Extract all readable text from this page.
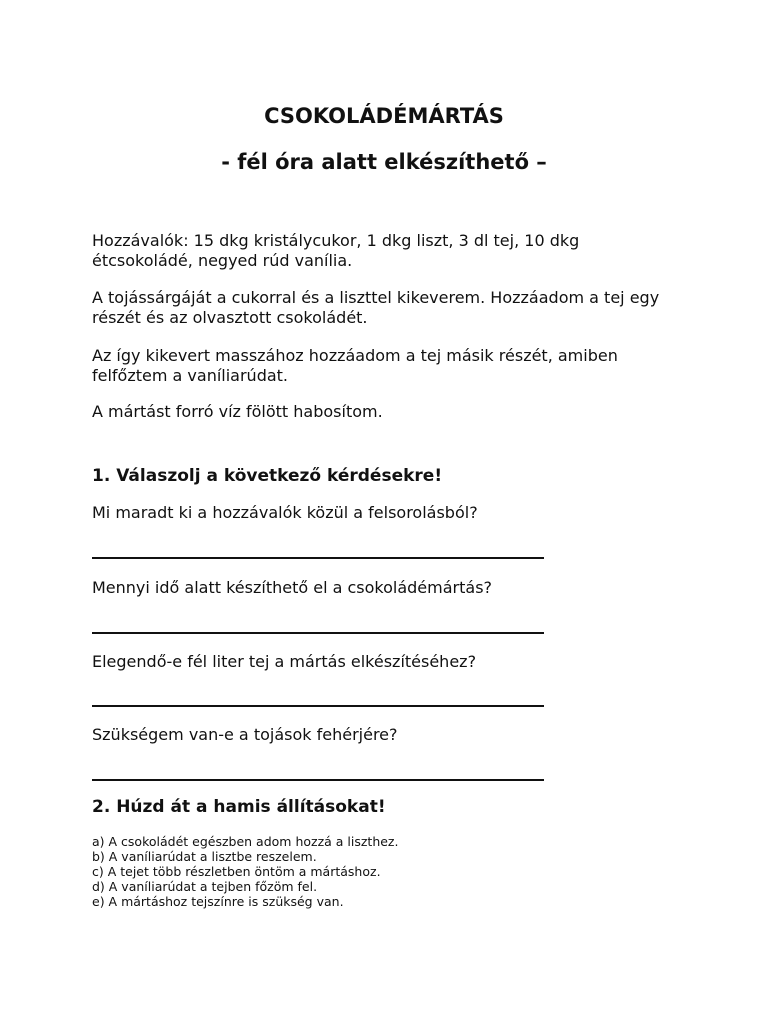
CSOKOLÁDÉMÁRTÁS
- fél óra alatt elkészíthető –

Hozzávalók: 15 dkg kristálycukor, 1 dkg liszt, 3 dl tej, 10 dkg étcsokoládé, negyed rúd vanília.

A tojássárgáját a cukorral és a liszttel kikeverem. Hozzáadom a tej egy részét és az olvasztott csokoládét.

Az így kikevert masszához hozzáadom a tej másik részét, amiben felfőztem a vaníliarúdat.

A mártást forró víz fölött habosítom.

1. Válaszolj a következő kérdésekre!

Mi maradt ki a hozzávalók közül a felsorolásból?

Mennyi idő alatt készíthető el a csokoládémártás?

Elegendő-e fél liter tej a mártás elkészítéséhez?

Szükségem van-e a tojások fehérjére?

2. Húzd át a hamis állításokat!
a) A csokoládét egészben adom hozzá a liszthez.
b) A vaníliarúdat a lisztbe reszelem.
c) A tejet több részletben öntöm a mártáshoz.
d) A vaníliarúdat a tejben főzöm fel.
e) A mártáshoz tejszínre is szükség van.
